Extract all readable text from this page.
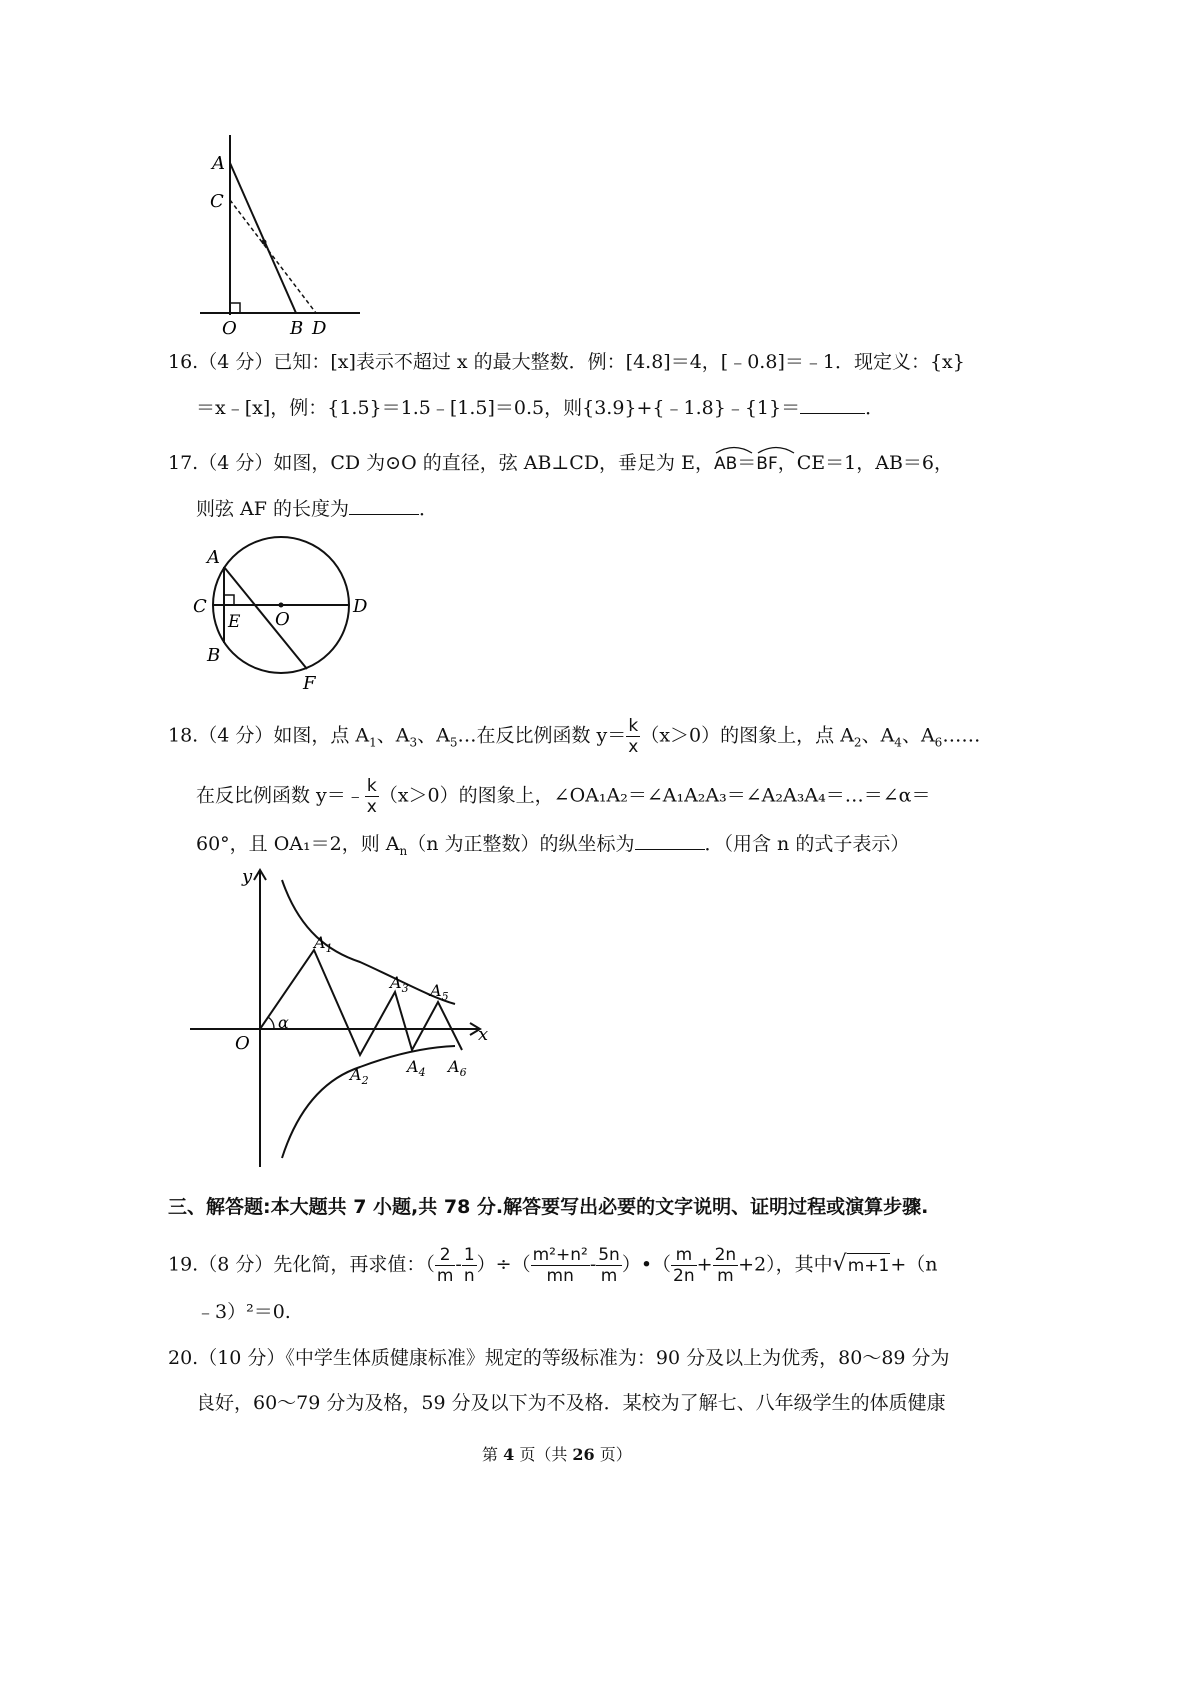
A
C
O	B D
16.（4 分）已知：[x]表示不超过 x 的最大整数．例：[4.8]＝4，[﹣0.8]＝﹣1．现定义：{x}
＝x﹣[x]，例：{1.5}＝1.5﹣[1.5]＝0.5，则{3.9}+{﹣1.8}﹣{1}＝	．
17.（4 分）如图，CD 为⊙O 的直径，弦 AB⊥CD，垂足为 E，
AB＝
BF，CE＝1，AB＝6，
则弦 AF 的长度为	．
A
C
E O
D
B
F
18.（4 分）如图，点 $A_1$、$A_3$、$A_5\dots$在反比例函数 $y= \frac{k}{x} (x>0)$的图象上，点 $A_2$、$A_4$、$A_6\dots\dots$
在反比例函数 y＝﹣ $\frac{k}{x} (x>0)$的图象上，∠OA₁A₂＝∠A₁A₂A₃＝∠A₂A₃A₄＝…＝∠α＝
60°，且 OA₁＝2，则 $A_n(n$ 为正整数）的纵坐标为	．（用含 n 的式子表示）
y
x
O
α
$A_1$
$A_2$
$A_3$
$A_4$
$A_5$
$A_6$
三、解答题:本大题共 7 小题,共 78 分.解答要写出必要的文字说明、证明过程或演算步骤.
19.（8 分）先化简，再求值：（ $\frac{2}{m} - \frac{1}{n}$ ）÷（ $\frac{\text{m²+n²}}{mn} - \frac{5n}{m}$ ）•（ $\frac{m}{2n} + \frac{2n}{m} +2$），其中√m+1+（n
﹣3）²＝0.
20.（10 分）《中学生体质健康标准》规定的等级标准为：90 分及以上为优秀，80～89 分为
良好，60～79 分为及格，59 分及以下为不及格．某校为了解七、八年级学生的体质健康
第 4 页（共 26 页）
